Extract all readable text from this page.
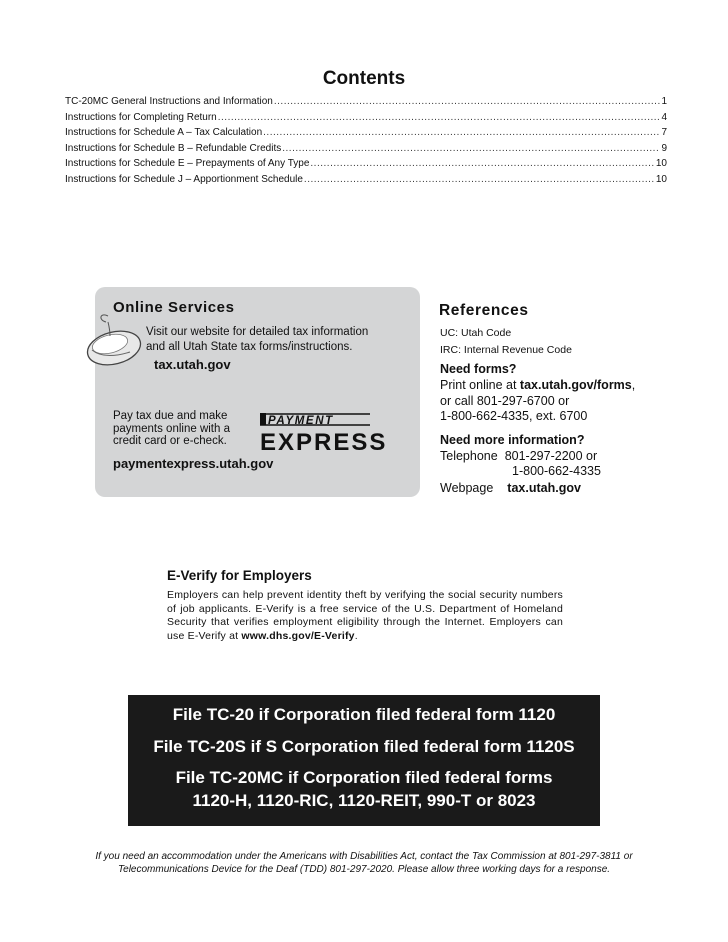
Contents
TC-20MC General Instructions and Information .....	1
Instructions for Completing Return .....	4
Instructions for Schedule A – Tax Calculation .....	7
Instructions for Schedule B – Refundable Credits .....	9
Instructions for Schedule E – Prepayments of Any Type .....	10
Instructions for Schedule J – Apportionment Schedule .....	10
Online Services
Visit our website for detailed tax information
and all Utah State tax forms/instructions.
tax.utah.gov
Pay tax due and make
payments online with a
credit card or e-check.
PAYMENT
EXPRESS
paymentexpress.utah.gov
References
UC: Utah Code
IRC: Internal Revenue Code
Need forms?
Print online at tax.utah.gov/forms,
or call 801-297-6700 or
1-800-662-4335, ext. 6700
Need more information?
Telephone 801-297-2200 or
1-800-662-4335
Webpage tax.utah.gov
E-Verify for Employers
Employers can help prevent identity theft by verifying the social security numbers of job applicants. E-Verify is a free service of the U.S. Department of Homeland Security that verifies employment eligibility through the Internet. Employers can use E-Verify at www.dhs.gov/E-Verify.
File TC-20 if Corporation filed federal form 1120
File TC-20S if S Corporation filed federal form 1120S
File TC-20MC if Corporation filed federal forms
1120-H, 1120-RIC, 1120-REIT, 990-T or 8023
If you need an accommodation under the Americans with Disabilities Act, contact the Tax Commission at 801-297-3811 or
Telecommunications Device for the Deaf (TDD) 801-297-2020. Please allow three working days for a response.
